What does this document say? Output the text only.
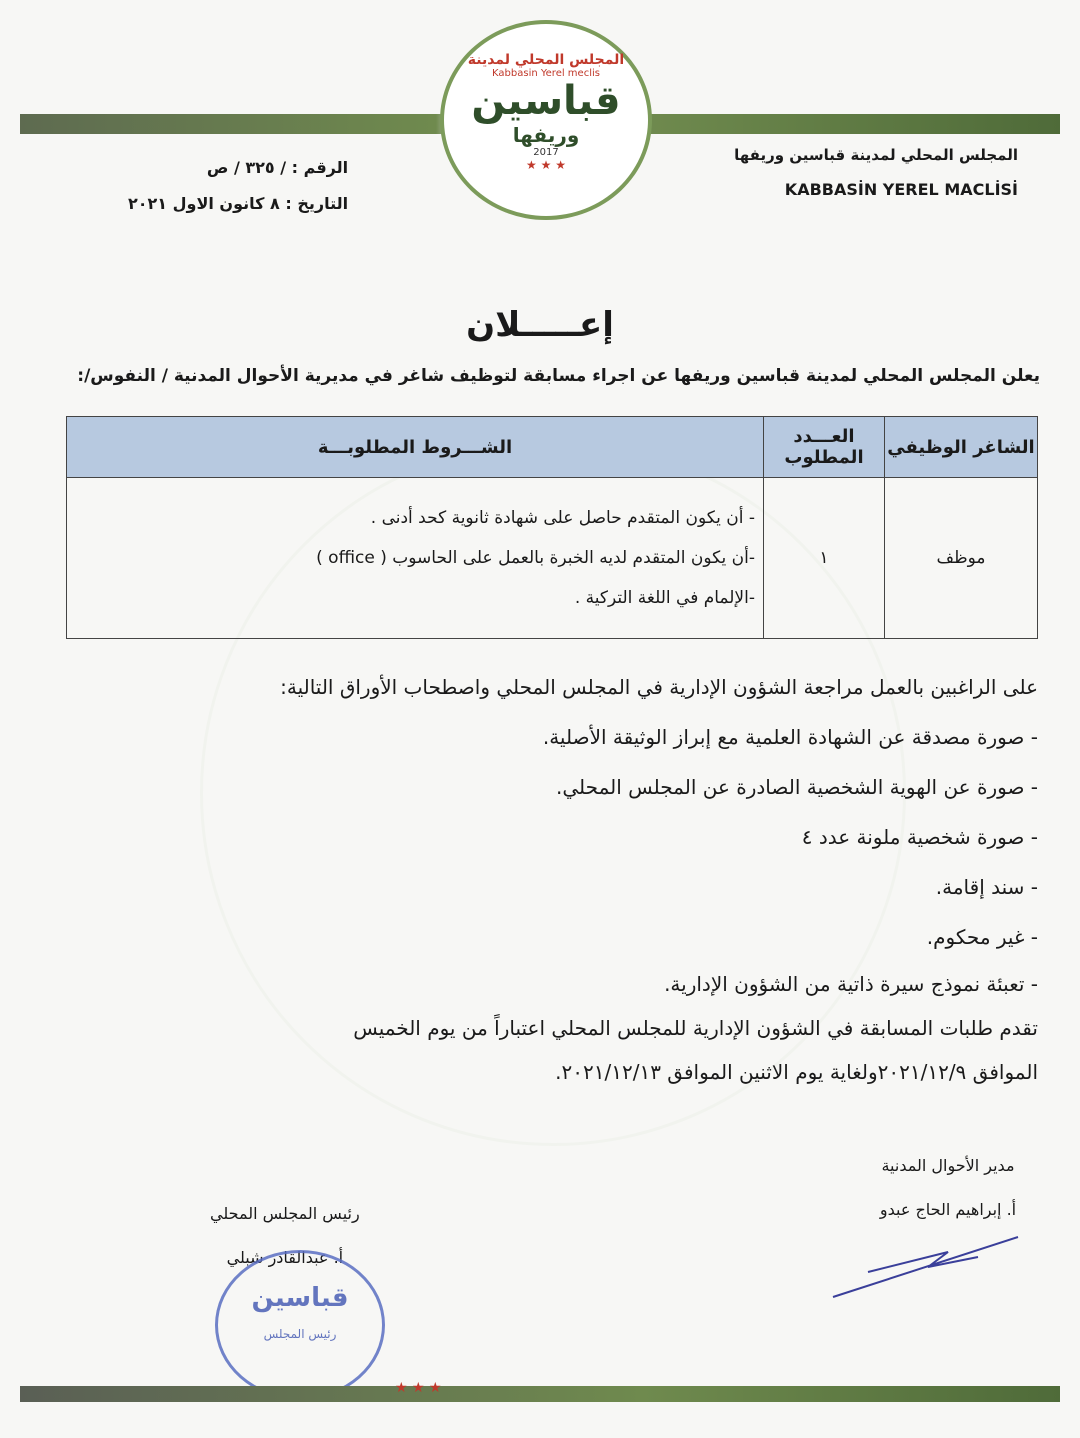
المجلس المحلي لمدينة
Kabbasin Yerel meclis
قباسين
وريفها
2017
★ ★ ★
المجلس المحلي لمدينة قباسين وريفها
KABBASİN YEREL MACLİSİ
الرقم : / ٣٢٥ / ص
التاريخ : ٨ كانون الاول ٢٠٢١
إعـــــلان
يعلن المجلس المحلي لمدينة قباسين وريفها عن اجراء مسابقة لتوظيف شاغر في مديرية الأحوال المدنية / النفوس/:
الشاغر الوظيفي	العـــدد المطلوب	الشـــروط المطلوبـــة
موظف	١	- أن يكون المتقدم حاصل على شهادة ثانوية كحد أدنى .
-أن يكون المتقدم لديه الخبرة بالعمل على الحاسوب ( office )
-الإلمام في اللغة التركية .
على الراغبين بالعمل مراجعة الشؤون الإدارية في المجلس المحلي واصطحاب الأوراق التالية:
- صورة مصدقة عن الشهادة العلمية مع إبراز الوثيقة الأصلية.
- صورة عن الهوية الشخصية الصادرة عن المجلس المحلي.
- صورة شخصية ملونة عدد ٤
- سند إقامة.
- غير محكوم.
- تعبئة نموذج سيرة ذاتية من الشؤون الإدارية.
تقدم طلبات المسابقة في الشؤون الإدارية للمجلس المحلي اعتباراً من يوم الخميس
الموافق ٢٠٢١/١٢/٩ولغاية يوم الاثنين الموافق ٢٠٢١/١٢/١٣.
مدير الأحوال المدنية
أ. إبراهيم الحاج عبدو
رئيس المجلس المحلي
أ. عبدالقادر شبلي
قباسين
رئيس المجلس
★ ★ ★
